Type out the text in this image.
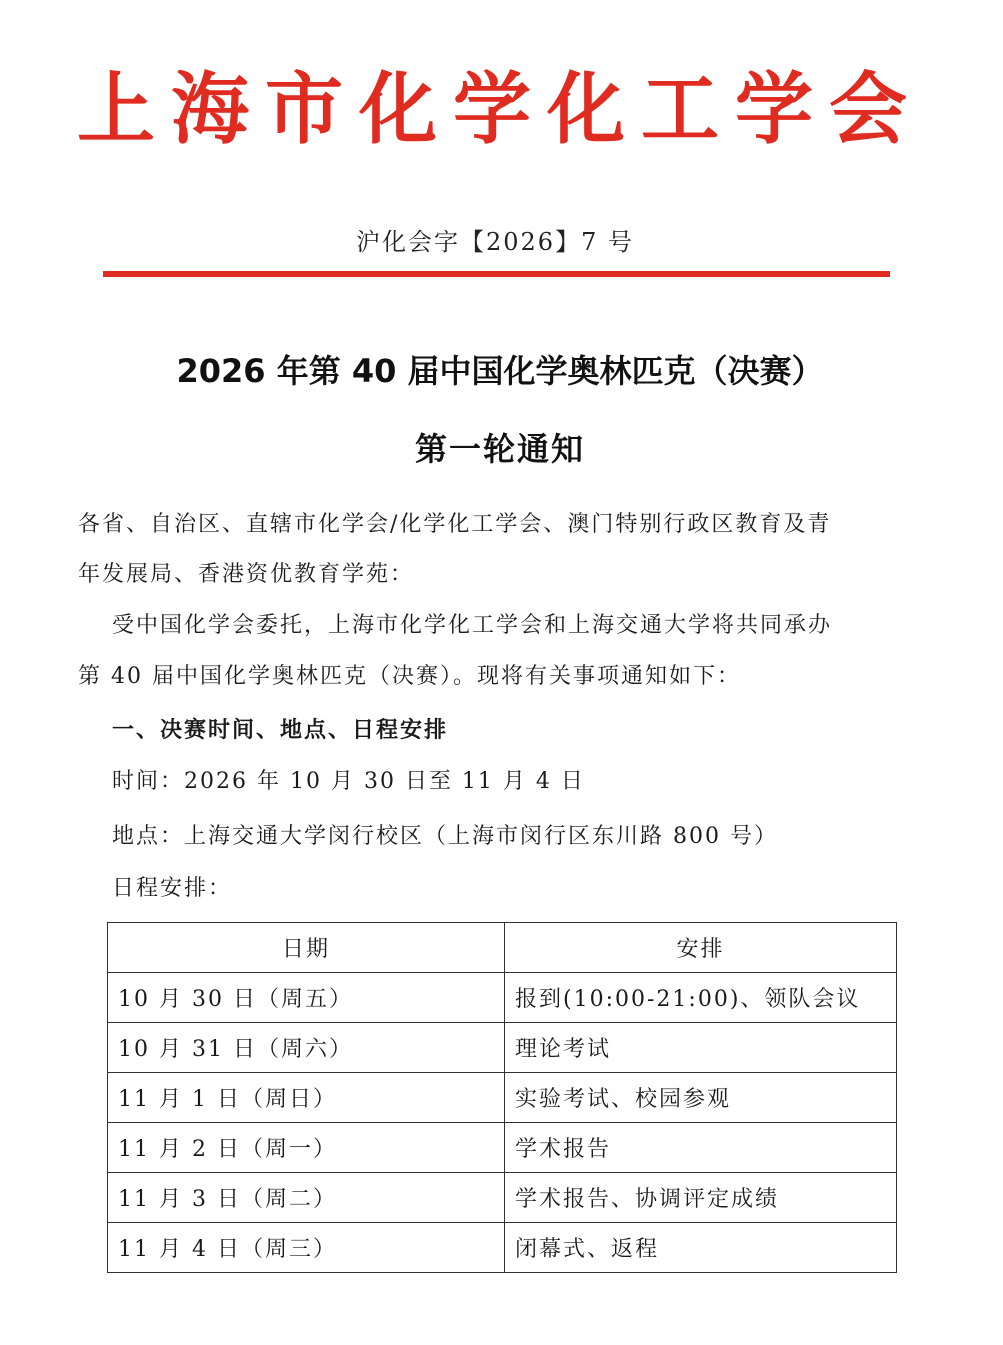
上海市化学化工学会
沪化会字【2026】7 号
2026 年第 40 届中国化学奥林匹克（决赛）
第一轮通知
各省、自治区、直辖市化学会/化学化工学会、澳门特别行政区教育及青
年发展局、香港资优教育学苑：
受中国化学会委托，上海市化学化工学会和上海交通大学将共同承办
第 40 届中国化学奥林匹克（决赛）。现将有关事项通知如下：
一、决赛时间、地点、日程安排
时间：2026 年 10 月 30 日至 11 月 4 日
地点：上海交通大学闵行校区（上海市闵行区东川路 800 号）
日程安排：
日期	安排
10 月 30 日（周五）	报到(10:00-21:00)、领队会议
10 月 31 日（周六）	理论考试
11 月 1 日（周日）	实验考试、校园参观
11 月 2 日（周一）	学术报告
11 月 3 日（周二）	学术报告、协调评定成绩
11 月 4 日（周三）	闭幕式、返程
